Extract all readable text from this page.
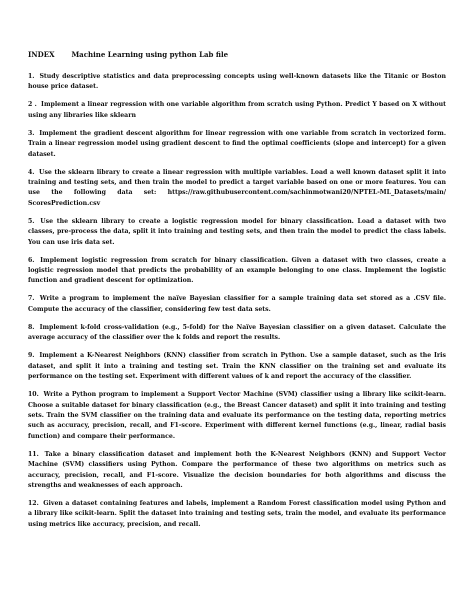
INDEX Machine Learning using python Lab file

1. Study descriptive statistics and data preprocessing concepts using well-known datasets like the Titanic or Boston house price dataset.

2 . Implement a linear regression with one variable algorithm from scratch using Python. Predict Y based on X without using any libraries like sklearn

3. Implement the gradient descent algorithm for linear regression with one variable from scratch in vectorized form. Train a linear regression model using gradient descent to find the optimal coefficients (slope and intercept) for a given dataset.

4. Use the sklearn library to create a linear regression with multiple variables. Load a well known dataset split it into training and testing sets, and then train the model to predict a target variable based on one or more features. You can use the following data set: https://raw.githubusercontent.com/sachinmotwani20/NPTEL-ML_Datasets/main/ ScoresPrediction.csv

5. Use the sklearn library to create a logistic regression model for binary classification. Load a dataset with two classes, pre-process the data, split it into training and testing sets, and then train the model to predict the class labels. You can use iris data set.

6. Implement logistic regression from scratch for binary classification. Given a dataset with two classes, create a logistic regression model that predicts the probability of an example belonging to one class. Implement the logistic function and gradient descent for optimization.

7. Write a program to implement the naïve Bayesian classifier for a sample training data set stored as a .CSV file. Compute the accuracy of the classifier, considering few test data sets.

8. Implement k-fold cross-validation (e.g., 5-fold) for the Naïve Bayesian classifier on a given dataset. Calculate the average accuracy of the classifier over the k folds and report the results.

9. Implement a K-Nearest Neighbors (KNN) classifier from scratch in Python. Use a sample dataset, such as the Iris dataset, and split it into a training and testing set. Train the KNN classifier on the training set and evaluate its performance on the testing set. Experiment with different values of k and report the accuracy of the classifier.

10. Write a Python program to implement a Support Vector Machine (SVM) classifier using a library like scikit-learn. Choose a suitable dataset for binary classification (e.g., the Breast Cancer dataset) and split it into training and testing sets. Train the SVM classifier on the training data and evaluate its performance on the testing data, reporting metrics such as accuracy, precision, recall, and F1-score. Experiment with different kernel functions (e.g., linear, radial basis function) and compare their performance.

11. Take a binary classification dataset and implement both the K-Nearest Neighbors (KNN) and Support Vector Machine (SVM) classifiers using Python. Compare the performance of these two algorithms on metrics such as accuracy, precision, recall, and F1-score. Visualize the decision boundaries for both algorithms and discuss the strengths and weaknesses of each approach.

12. Given a dataset containing features and labels, implement a Random Forest classification model using Python and a library like scikit-learn. Split the dataset into training and testing sets, train the model, and evaluate its performance using metrics like accuracy, precision, and recall.
